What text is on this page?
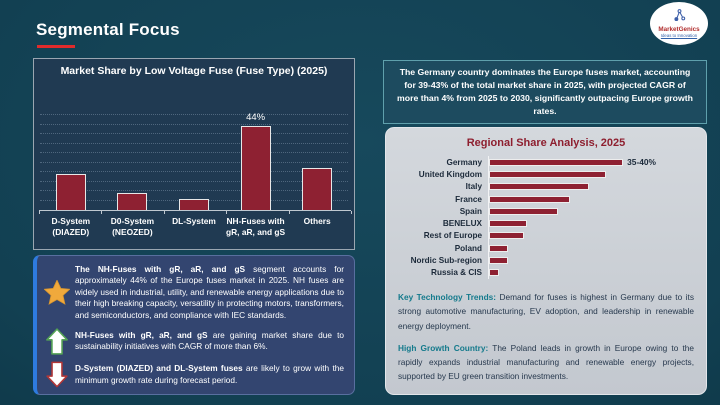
Segmental Focus	MarketGenics
Ideas to Innovation
Market Share by Low Voltage Fuse (Fuse Type) (2025)
44%
D-System
(DIAZED)
D0-System
(NEOZED)
DL-System	NH-Fuses with
gR, aR, and gS
Others
The NH-Fuses with gR, aR, and gS segment accounts for approximately 44% of the Europe fuses market in 2025. NH fuses are widely used in industrial, utility, and renewable energy applications due to their high breaking capacity, versatility in protecting motors, transformers, and semiconductors, and compliance with IEC standards.
NH-Fuses with gR, aR, and gS are gaining market share due to sustainability initiatives with CAGR of more than 6%.
D-System (DIAZED) and DL-System fuses are likely to grow with the minimum growth rate during forecast period.
The Germany country dominates the Europe fuses market, accounting for 39-43% of the total market share in 2025, with projected CAGR of more than 4% from 2025 to 2030, significantly outpacing Europe growth rates.
Regional Share Analysis, 2025
Germany	35-40%
United Kingdom
Italy
France
Spain
BENELUX
Rest of Europe
Poland
Nordic Sub-region
Russia & CIS
Key Technology Trends: Demand for fuses is highest in Germany due to its strong automotive manufacturing, EV adoption, and leadership in renewable energy deployment.
High Growth Country: The Poland leads in growth in Europe owing to the rapidly expands industrial manufacturing and renewable energy projects, supported by EU green transition investments.
